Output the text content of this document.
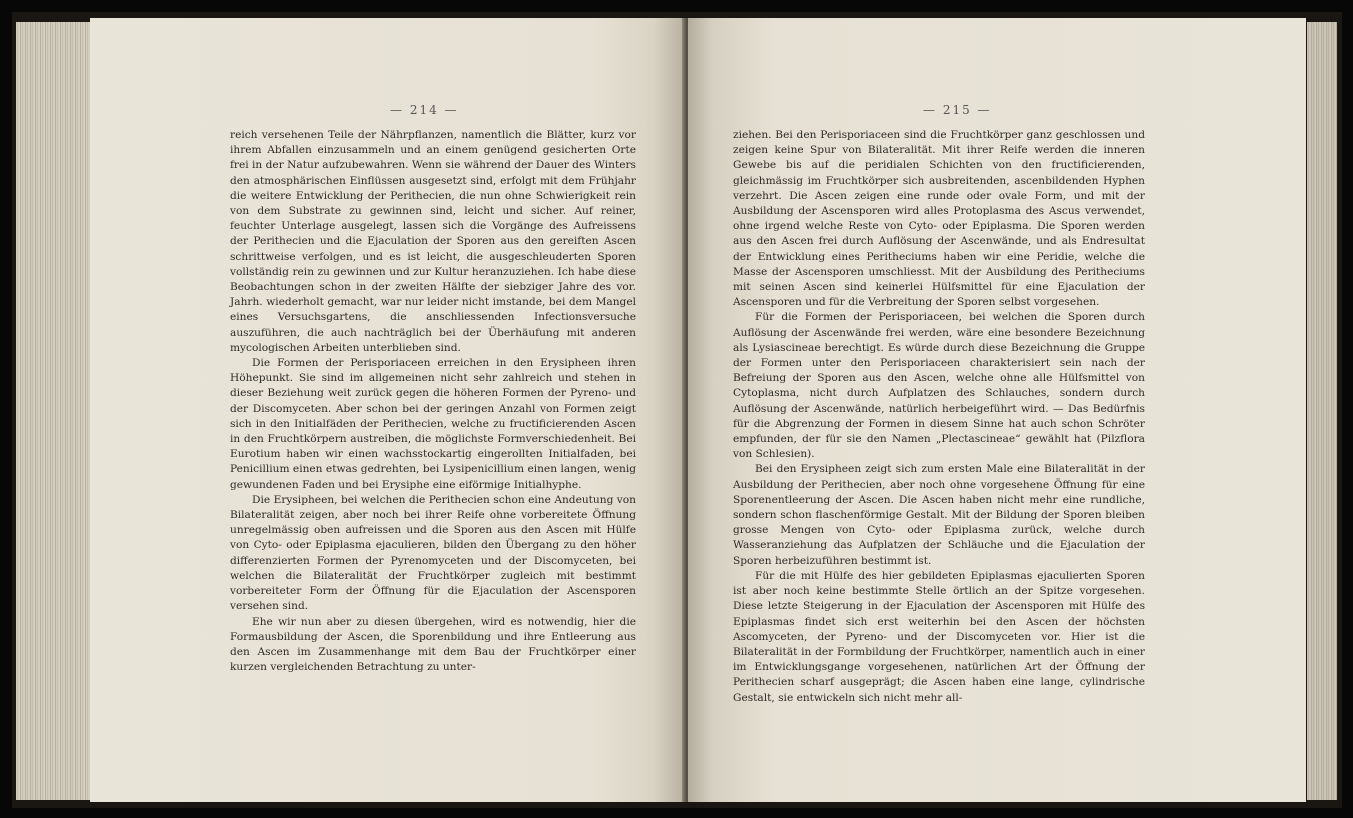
— 214 —

reich versehenen Teile der Nährpflanzen, namentlich die Blätter, kurz vor ihrem Abfallen einzusammeln und an einem genügend gesicherten Orte frei in der Natur aufzubewahren. Wenn sie während der Dauer des Winters den atmosphärischen Einflüssen ausgesetzt sind, erfolgt mit dem Frühjahr die weitere Entwicklung der Perithecien, die nun ohne Schwierigkeit rein von dem Substrate zu gewinnen sind, leicht und sicher. Auf reiner, feuchter Unterlage ausgelegt, lassen sich die Vorgänge des Aufreissens der Perithecien und die Ejaculation der Sporen aus den gereiften Ascen schrittweise verfolgen, und es ist leicht, die ausgeschleuderten Sporen vollständig rein zu gewinnen und zur Kultur heranzuziehen. Ich habe diese Beobachtungen schon in der zweiten Hälfte der siebziger Jahre des vor. Jahrh. wiederholt gemacht, war nur leider nicht imstande, bei dem Mangel eines Versuchsgartens, die anschliessenden Infectionsversuche auszuführen, die auch nachträglich bei der Überhäufung mit anderen mycologischen Arbeiten unterblieben sind.

Die Formen der Perisporiaceen erreichen in den Erysipheen ihren Höhepunkt. Sie sind im allgemeinen nicht sehr zahlreich und stehen in dieser Beziehung weit zurück gegen die höheren Formen der Pyreno- und der Discomyceten. Aber schon bei der geringen Anzahl von Formen zeigt sich in den Initialfäden der Perithecien, welche zu fructificierenden Ascen in den Fruchtkörpern austreiben, die möglichste Formverschiedenheit. Bei Eurotium haben wir einen wachsstockartig eingerollten Initialfaden, bei Penicillium einen etwas gedrehten, bei Lysipenicillium einen langen, wenig gewundenen Faden und bei Erysiphe eine eiförmige Initialhyphe.

Die Erysipheen, bei welchen die Perithecien schon eine Andeutung von Bilateralität zeigen, aber noch bei ihrer Reife ohne vorbereitete Öffnung unregelmässig oben aufreissen und die Sporen aus den Ascen mit Hülfe von Cyto- oder Epiplasma ejaculieren, bilden den Übergang zu den höher differenzierten Formen der Pyrenomyceten und der Discomyceten, bei welchen die Bilateralität der Fruchtkörper zugleich mit bestimmt vorbereiteter Form der Öffnung für die Ejaculation der Ascensporen versehen sind.

Ehe wir nun aber zu diesen übergehen, wird es notwendig, hier die Formausbildung der Ascen, die Sporenbildung und ihre Entleerung aus den Ascen im Zusammenhange mit dem Bau der Fruchtkörper einer kurzen vergleichenden Betrachtung zu unter-

— 215 —

ziehen. Bei den Perisporiaceen sind die Fruchtkörper ganz geschlossen und zeigen keine Spur von Bilateralität. Mit ihrer Reife werden die inneren Gewebe bis auf die peridialen Schichten von den fructificierenden, gleichmässig im Fruchtkörper sich ausbreitenden, ascenbildenden Hyphen verzehrt. Die Ascen zeigen eine runde oder ovale Form, und mit der Ausbildung der Ascensporen wird alles Protoplasma des Ascus verwendet, ohne irgend welche Reste von Cyto- oder Epiplasma. Die Sporen werden aus den Ascen frei durch Auflösung der Ascenwände, und als Endresultat der Entwicklung eines Peritheciums haben wir eine Peridie, welche die Masse der Ascensporen umschliesst. Mit der Ausbildung des Peritheciums mit seinen Ascen sind keinerlei Hülfsmittel für eine Ejaculation der Ascensporen und für die Verbreitung der Sporen selbst vorgesehen.

Für die Formen der Perisporiaceen, bei welchen die Sporen durch Auflösung der Ascenwände frei werden, wäre eine besondere Bezeichnung als Lysiascineae berechtigt. Es würde durch diese Bezeichnung die Gruppe der Formen unter den Perisporiaceen charakterisiert sein nach der Befreiung der Sporen aus den Ascen, welche ohne alle Hülfsmittel von Cytoplasma, nicht durch Aufplatzen des Schlauches, sondern durch Auflösung der Ascenwände, natürlich herbeigeführt wird. — Das Bedürfnis für die Abgrenzung der Formen in diesem Sinne hat auch schon Schröter empfunden, der für sie den Namen „Plectascineae“ gewählt hat (Pilzflora von Schlesien).

Bei den Erysipheen zeigt sich zum ersten Male eine Bilateralität in der Ausbildung der Perithecien, aber noch ohne vorgesehene Öffnung für eine Sporenentleerung der Ascen. Die Ascen haben nicht mehr eine rundliche, sondern schon flaschenförmige Gestalt. Mit der Bildung der Sporen bleiben grosse Mengen von Cyto- oder Epiplasma zurück, welche durch Wasseranziehung das Aufplatzen der Schläuche und die Ejaculation der Sporen herbeizuführen bestimmt ist.

Für die mit Hülfe des hier gebildeten Epiplasmas ejaculierten Sporen ist aber noch keine bestimmte Stelle örtlich an der Spitze vorgesehen. Diese letzte Steigerung in der Ejaculation der Ascensporen mit Hülfe des Epiplasmas findet sich erst weiterhin bei den Ascen der höchsten Ascomyceten, der Pyreno- und der Discomyceten vor. Hier ist die Bilateralität in der Formbildung der Fruchtkörper, namentlich auch in einer im Entwicklungsgange vorgesehenen, natürlichen Art der Öffnung der Perithecien scharf ausgeprägt; die Ascen haben eine lange, cylindrische Gestalt, sie entwickeln sich nicht mehr all-
